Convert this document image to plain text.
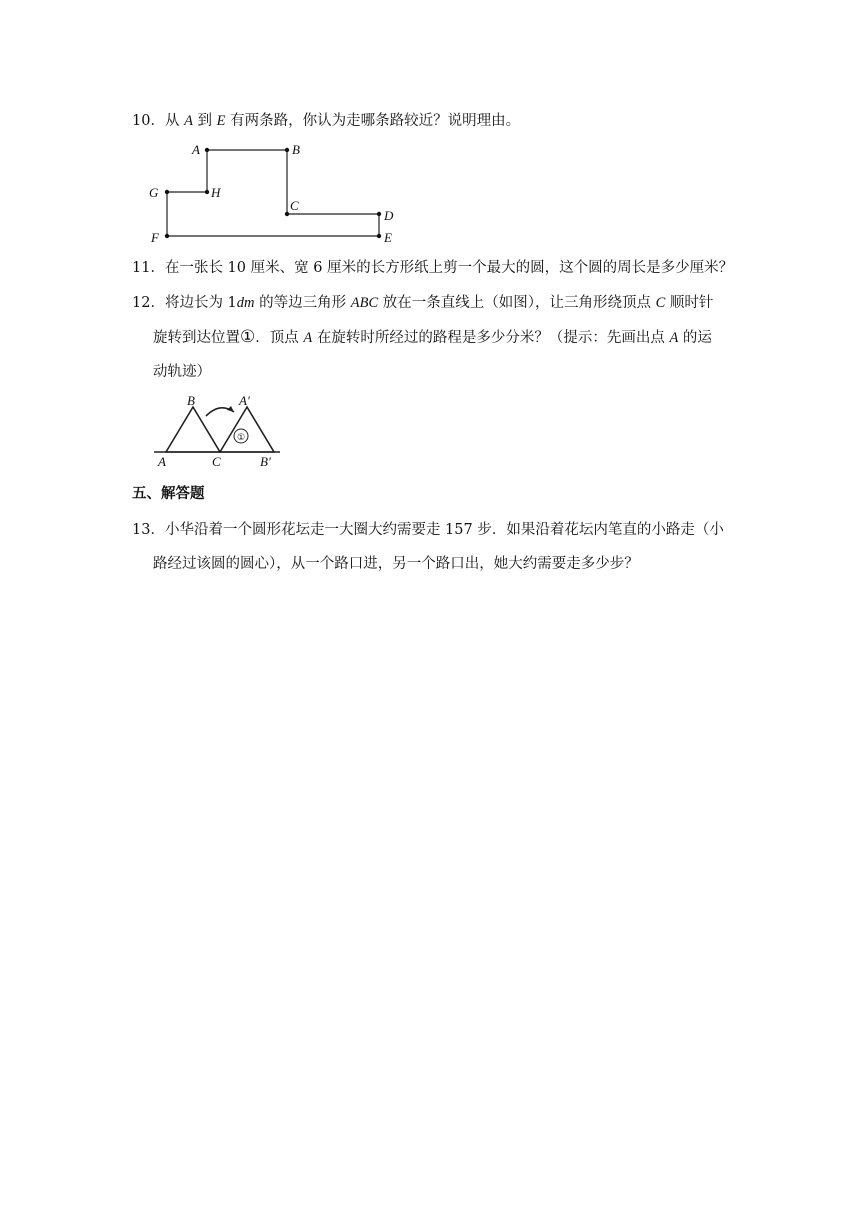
10．从 A 到 E 有两条路，你认为走哪条路较近？说明理由。
A	B
C
D
E
F
G	H
11．在一张长 10 厘米、宽 6 厘米的长方形纸上剪一个最大的圆，这个圆的周长是多少厘米？
12．将边长为 1dm 的等边三角形 ABC 放在一条直线上（如图），让三角形绕顶点 C 顺时针
旋转到达位置①．顶点 A 在旋转时所经过的路程是多少分米？（提示：先画出点 A 的运
动轨迹）
①
B	A′
A	C	B′
五、解答题
13．小华沿着一个圆形花坛走一大圈大约需要走 157 步．如果沿着花坛内笔直的小路走（小
路经过该圆的圆心），从一个路口进，另一个路口出，她大约需要走多少步？
